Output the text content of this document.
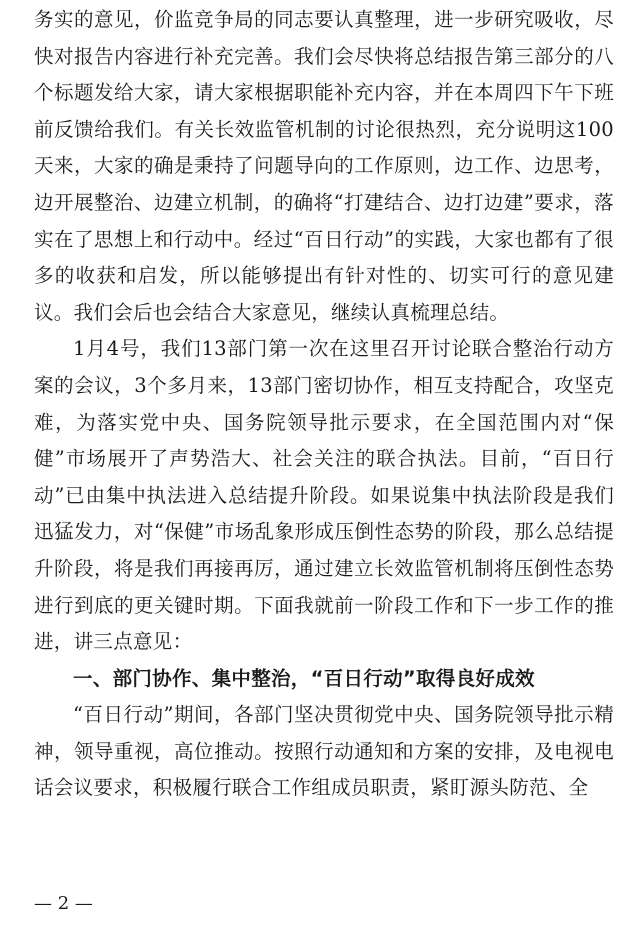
务实的意见，价监竞争局的同志要认真整理，进一步研究吸收，尽快对报告内容进行补充完善。我们会尽快将总结报告第三部分的八个标题发给大家，请大家根据职能补充内容，并在本周四下午下班前反馈给我们。有关长效监管机制的讨论很热烈，充分说明这100天来，大家的确是秉持了问题导向的工作原则，边工作、边思考，边开展整治、边建立机制，的确将“打建结合、边打边建”要求，落实在了思想上和行动中。经过“百日行动”的实践，大家也都有了很多的收获和启发，所以能够提出有针对性的、切实可行的意见建议。我们会后也会结合大家意见，继续认真梳理总结。

1月4号，我们13部门第一次在这里召开讨论联合整治行动方案的会议，3个多月来，13部门密切协作，相互支持配合，攻坚克难，为落实党中央、国务院领导批示要求，在全国范围内对“保健”市场展开了声势浩大、社会关注的联合执法。目前，“百日行动”已由集中执法进入总结提升阶段。如果说集中执法阶段是我们迅猛发力，对“保健”市场乱象形成压倒性态势的阶段，那么总结提升阶段，将是我们再接再厉，通过建立长效监管机制将压倒性态势进行到底的更关键时期。下面我就前一阶段工作和下一步工作的推进，讲三点意见：

一、部门协作、集中整治，“百日行动”取得良好成效

“百日行动”期间，各部门坚决贯彻党中央、国务院领导批示精神，领导重视，高位推动。按照行动通知和方案的安排，及电视电话会议要求，积极履行联合工作组成员职责，紧盯源头防范、全

— 2 —
